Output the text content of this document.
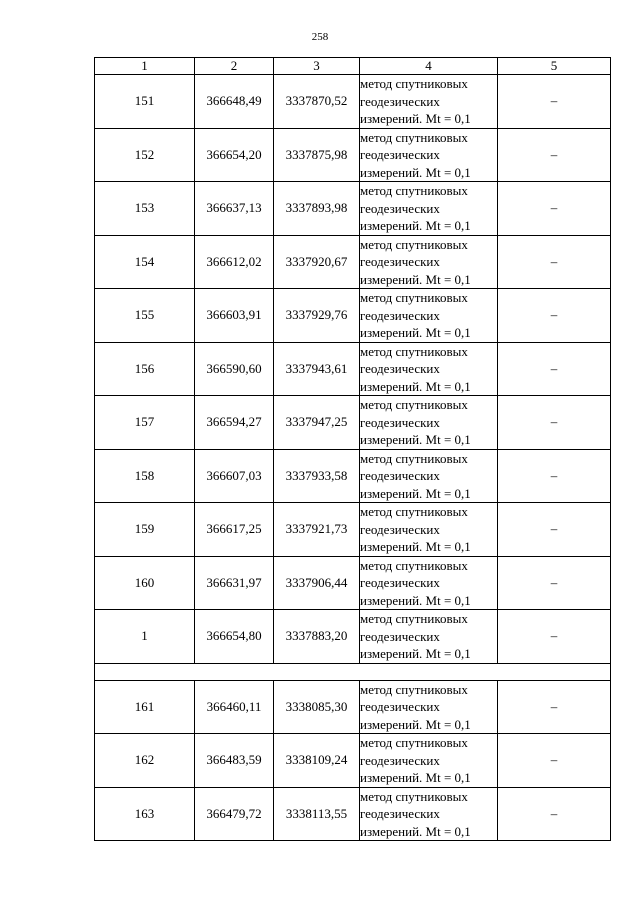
258
1	2	3	4	5
151	366648,49	3337870,52	метод спутниковых
геодезических
измерений. Mt = 0,1	–
152	366654,20	3337875,98	метод спутниковых
геодезических
измерений. Mt = 0,1	–
153	366637,13	3337893,98	метод спутниковых
геодезических
измерений. Mt = 0,1	–
154	366612,02	3337920,67	метод спутниковых
геодезических
измерений. Mt = 0,1	–
155	366603,91	3337929,76	метод спутниковых
геодезических
измерений. Mt = 0,1	–
156	366590,60	3337943,61	метод спутниковых
геодезических
измерений. Mt = 0,1	–
157	366594,27	3337947,25	метод спутниковых
геодезических
измерений. Mt = 0,1	–
158	366607,03	3337933,58	метод спутниковых
геодезических
измерений. Mt = 0,1	–
159	366617,25	3337921,73	метод спутниковых
геодезических
измерений. Mt = 0,1	–
160	366631,97	3337906,44	метод спутниковых
геодезических
измерений. Mt = 0,1	–
1	366654,80	3337883,20	метод спутниковых
геодезических
измерений. Mt = 0,1	–

161	366460,11	3338085,30	метод спутниковых
геодезических
измерений. Mt = 0,1	–
162	366483,59	3338109,24	метод спутниковых
геодезических
измерений. Mt = 0,1	–
163	366479,72	3338113,55	метод спутниковых
геодезических
измерений. Mt = 0,1	–
